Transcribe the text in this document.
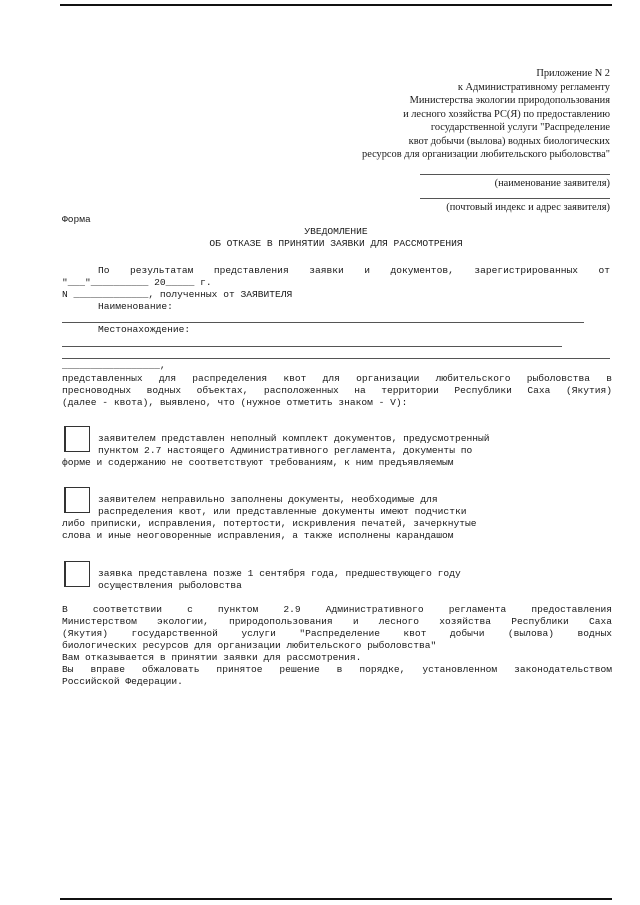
Приложение N 2
к Административному регламенту
Министерства экологии природопользования
и лесного хозяйства РС(Я) по предоставлению
государственной услуги "Распределение
квот добычи (вылова) водных биологических
ресурсов для организации любительского рыболовства"
(наименование заявителя)
(почтовый индекс и адрес заявителя)
Форма
УВЕДОМЛЕНИЕ
ОБ ОТКАЗЕ В ПРИНЯТИИ ЗАЯВКИ ДЛЯ РАССМОТРЕНИЯ
По результатам представления заявки и документов, зарегистрированных от
"___"__________ 20_____ г.
N _____________, полученных от ЗАЯВИТЕЛЯ
Наименование:
Местонахождение:
_________________,
представленных для распределения квот для организации любительского рыболовства в
пресноводных водных объектах, расположенных на территории Республики Саха (Якутия)
(далее - квота), выявлено, что (нужное отметить знаком - V):
заявителем представлен неполный комплект документов, предусмотренный
пунктом 2.7 настоящего Административного регламента, документы по
форме и содержанию не соответствуют требованиям, к ним предъявляемым
заявителем неправильно заполнены документы, необходимые для
распределения квот, или представленные документы имеют подчистки
либо приписки, исправления, потертости, искривления печатей, зачеркнутые
слова и иные неоговоренные исправления, а также исполнены карандашом
заявка представлена позже 1 сентября года, предшествующего году
осуществления рыболовства
В соответствии с пунктом 2.9 Административного регламента предоставления
Министерством экологии, природопользования и лесного хозяйства Республики Саха
(Якутия) государственной услуги "Распределение квот добычи (вылова) водных
биологических ресурсов для организации любительского рыболовства"
Вам отказывается в принятии заявки для рассмотрения.
Вы вправе обжаловать принятое решение в порядке, установленном законодательством
Российской Федерации.
